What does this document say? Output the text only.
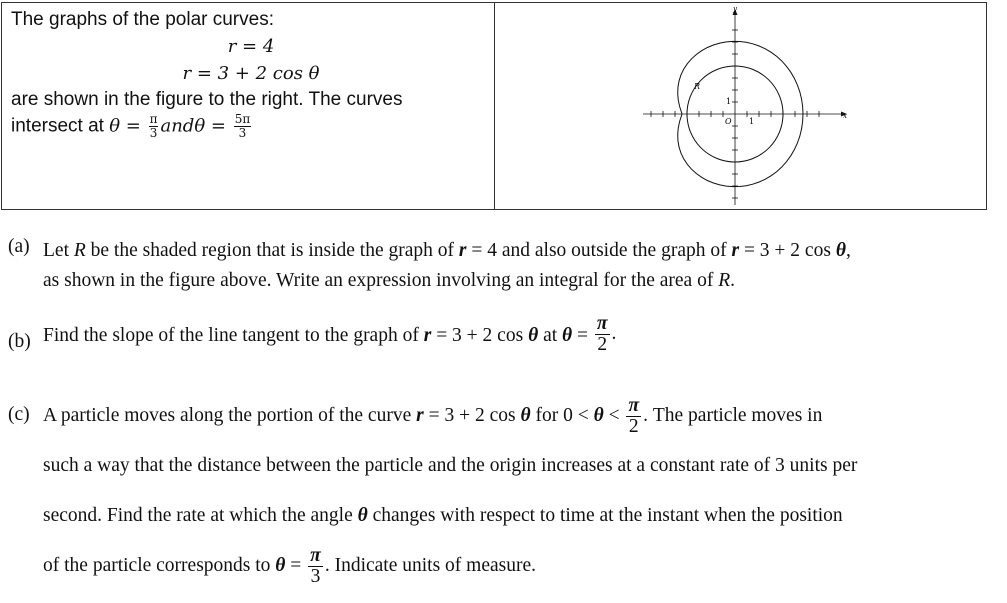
The graphs of the polar curves:
r = 4
r = 3 + 2 cos θ
are shown in the figure to the right. The curves
intersect at $\theta = \frac{\pi}{3}$ $and\theta = \frac{5\pi}{3}$
y
x
R
O 1
1
(a) Let R be the shaded region that is inside the graph of r = 4 and also outside the graph of r = 3 + 2 cos θ,
as shown in the figure above. Write an expression involving an integral for the area of R.
(b) Find the slope of the line tangent to the graph of r = 3 + 2 cos θ at $\theta = \frac{\pi}{2}$ .
(c) A particle moves along the portion of the curve r = 3 + 2 cos θ for $0 < \theta < \frac{\pi}{2}$ . The particle moves in
such a way that the distance between the particle and the origin increases at a constant rate of 3 units per
second. Find the rate at which the angle θ changes with respect to time at the instant when the position
of the particle corresponds to $\theta = \frac{\pi}{3}$ . Indicate units of measure.
